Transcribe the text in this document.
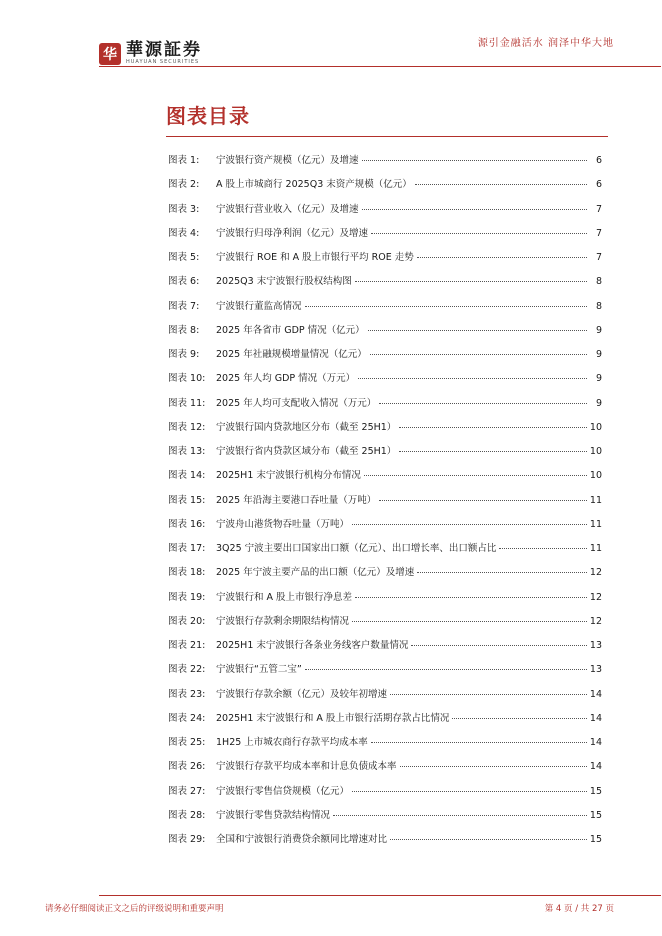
华 華源証券
HUAYUAN SECURITIES
源引金融活水 润泽中华大地
图表目录
图表 1:	宁波银行资产规模（亿元）及增速	6
图表 2:	A 股上市城商行 2025Q3 末资产规模（亿元）	6
图表 3:	宁波银行营业收入（亿元）及增速	7
图表 4:	宁波银行归母净利润（亿元）及增速	7
图表 5:	宁波银行 ROE 和 A 股上市银行平均 ROE 走势	7
图表 6:	2025Q3 末宁波银行股权结构图	8
图表 7:	宁波银行董监高情况	8
图表 8:	2025 年各省市 GDP 情况（亿元）	9
图表 9:	2025 年社融规模增量情况（亿元）	9
图表 10:	2025 年人均 GDP 情况（万元）	9
图表 11:	2025 年人均可支配收入情况（万元）	9
图表 12:	宁波银行国内贷款地区分布（截至 25H1）	10
图表 13:	宁波银行省内贷款区域分布（截至 25H1）	10
图表 14:	2025H1 末宁波银行机构分布情况	10
图表 15:	2025 年沿海主要港口吞吐量（万吨）	11
图表 16:	宁波舟山港货物吞吐量（万吨）	11
图表 17:	3Q25 宁波主要出口国家出口额（亿元）、出口增长率、出口额占比	11
图表 18:	2025 年宁波主要产品的出口额（亿元）及增速	12
图表 19:	宁波银行和 A 股上市银行净息差	12
图表 20:	宁波银行存款剩余期限结构情况	12
图表 21:	2025H1 末宁波银行各条业务线客户数量情况	13
图表 22:	宁波银行“五管二宝”	13
图表 23:	宁波银行存款余额（亿元）及较年初增速	14
图表 24:	2025H1 末宁波银行和 A 股上市银行活期存款占比情况	14
图表 25:	1H25 上市城农商行存款平均成本率	14
图表 26:	宁波银行存款平均成本率和计息负债成本率	14
图表 27:	宁波银行零售信贷规模（亿元）	15
图表 28:	宁波银行零售贷款结构情况	15
图表 29:	全国和宁波银行消费贷余额同比增速对比	15
请务必仔细阅读正文之后的评级说明和重要声明	第 4 页 / 共 27 页
